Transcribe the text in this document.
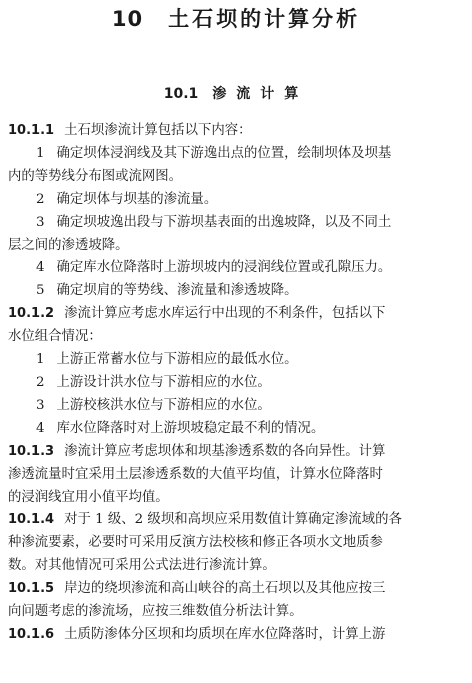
10 土石坝的计算分析
10.1 渗流计算

10.1.1 土石坝渗流计算包括以下内容：

1 确定坝体浸润线及其下游逸出点的位置，绘制坝体及坝基

内的等势线分布图或流网图。

2 确定坝体与坝基的渗流量。

3 确定坝坡逸出段与下游坝基表面的出逸坡降，以及不同土

层之间的渗透坡降。

4 确定库水位降落时上游坝坡内的浸润线位置或孔隙压力。

5 确定坝肩的等势线、渗流量和渗透坡降。

10.1.2 渗流计算应考虑水库运行中出现的不利条件，包括以下

水位组合情况：

1 上游正常蓄水位与下游相应的最低水位。

2 上游设计洪水位与下游相应的水位。

3 上游校核洪水位与下游相应的水位。

4 库水位降落时对上游坝坡稳定最不利的情况。

10.1.3 渗流计算应考虑坝体和坝基渗透系数的各向异性。计算

渗透流量时宜采用土层渗透系数的大值平均值，计算水位降落时

的浸润线宜用小值平均值。

10.1.4 对于 1 级、2 级坝和高坝应采用数值计算确定渗流域的各

种渗流要素，必要时可采用反演方法校核和修正各项水文地质参

数。对其他情况可采用公式法进行渗流计算。

10.1.5 岸边的绕坝渗流和高山峡谷的高土石坝以及其他应按三

向问题考虑的渗流场，应按三维数值分析法计算。

10.1.6 土质防渗体分区坝和均质坝在库水位降落时，计算上游
